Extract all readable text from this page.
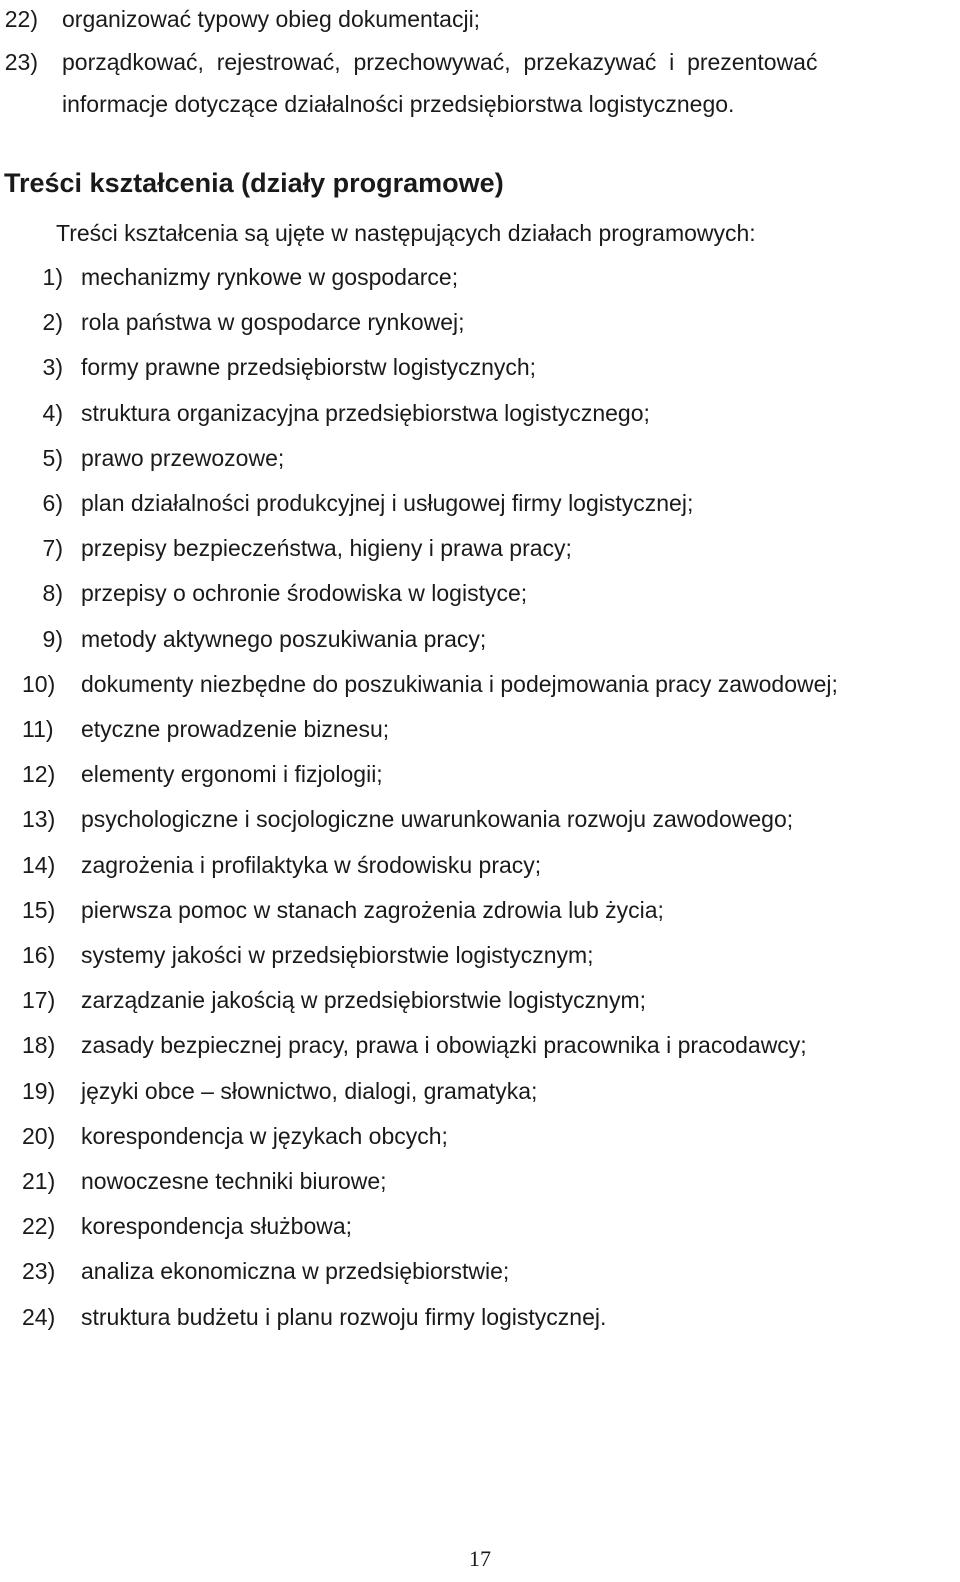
22) organizować typowy obieg dokumentacji;
23) porządkować,  rejestrować,  przechowywać,  przekazywać  i  prezentować
informacje dotyczące działalności przedsiębiorstwa logistycznego.
Treści kształcenia (działy programowe)
Treści kształcenia są ujęte w następujących działach programowych:
1) mechanizmy rynkowe w gospodarce;
2) rola państwa w gospodarce rynkowej;
3) formy prawne przedsiębiorstw logistycznych;
4) struktura organizacyjna przedsiębiorstwa logistycznego;
5) prawo przewozowe;
6) plan działalności produkcyjnej i usługowej firmy logistycznej;
7) przepisy bezpieczeństwa, higieny i prawa pracy;
8) przepisy o ochronie środowiska w logistyce;
9) metody aktywnego poszukiwania pracy;
10)	dokumenty niezbędne do poszukiwania i podejmowania pracy zawodowej;
11)	etyczne prowadzenie biznesu;
12)	elementy ergonomi i fizjologii;
13)	psychologiczne i socjologiczne uwarunkowania rozwoju zawodowego;
14)	zagrożenia i profilaktyka w środowisku pracy;
15)	pierwsza pomoc w stanach zagrożenia zdrowia lub życia;
16)	systemy jakości w przedsiębiorstwie logistycznym;
17)	zarządzanie jakością w przedsiębiorstwie logistycznym;
18)	zasady bezpiecznej pracy, prawa i obowiązki pracownika i pracodawcy;
19)	języki obce – słownictwo, dialogi, gramatyka;
20)	korespondencja w językach obcych;
21)	nowoczesne techniki biurowe;
22)	korespondencja służbowa;
23)	analiza ekonomiczna w przedsiębiorstwie;
24)	struktura budżetu i planu rozwoju firmy logistycznej.
17
